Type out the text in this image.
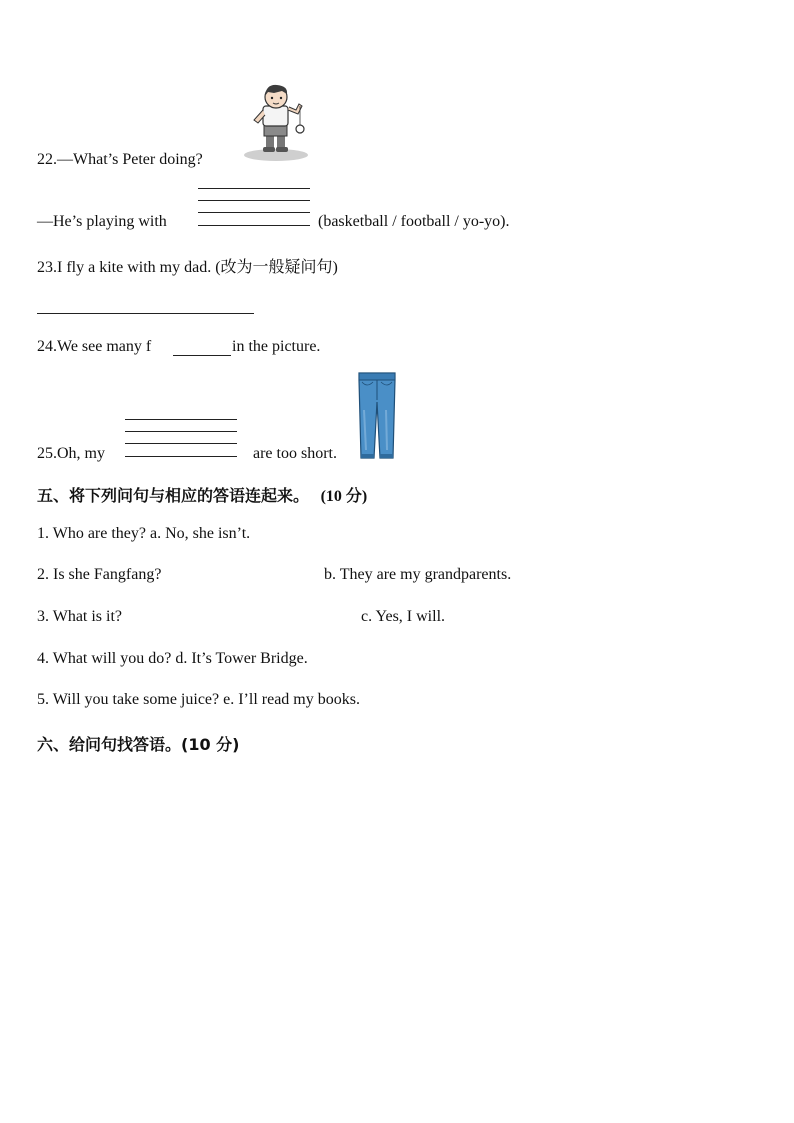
22.—What’s Peter doing?
—He’s playing with	(basketball / football / yo-yo).
23.I fly a kite with my dad. (改为一般疑问句)
24.We see many f	in the picture.
25.Oh, my	are too short.
五、将下列问句与相应的答语连起来。 (10 分)
1. Who are they? a. No, she isn’t.
2. Is she Fangfang?	b. They are my grandparents.
3. What is it?	c. Yes, I will.
4. What will you do? d. It’s Tower Bridge.
5. Will you take some juice? e. I’ll read my books.
六、给问句找答语。(10 分)
